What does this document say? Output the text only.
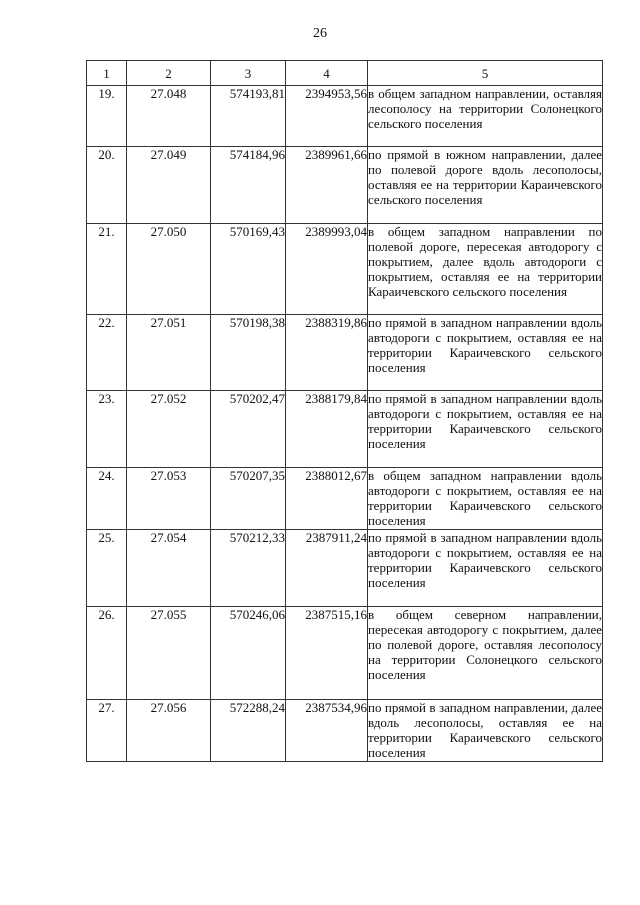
26
1	2	3	4	5
19.	27.048	574193,81	2394953,56	в общем западном направлении, оставляя лесополосу на территории Солонецкого сельского поселения
20.	27.049	574184,96	2389961,66	по прямой в южном направлении, далее по полевой дороге вдоль лесополосы, оставляя ее на территории Караичевского сельского поселения
21.	27.050	570169,43	2389993,04	в общем западном направлении по полевой дороге, пересекая автодорогу с покрытием, далее вдоль автодороги с покрытием, оставляя ее на территории Караичевского сельского поселения
22.	27.051	570198,38	2388319,86	по прямой в западном направлении вдоль автодороги с покрытием, оставляя ее на территории Караичевского сельского поселения
23.	27.052	570202,47	2388179,84	по прямой в западном направлении вдоль автодороги с покрытием, оставляя ее на территории Караичевского сельского поселения
24.	27.053	570207,35	2388012,67	в общем западном направлении вдоль автодороги с покрытием, оставляя ее на территории Караичевского сельского поселения
25.	27.054	570212,33	2387911,24	по прямой в западном направлении вдоль автодороги с покрытием, оставляя ее на территории Караичевского сельского поселения
26.	27.055	570246,06	2387515,16	в общем северном направлении, пересекая автодорогу с покрытием, далее по полевой дороге, оставляя лесополосу на территории Солонецкого сельского поселения
27.	27.056	572288,24	2387534,96	по прямой в западном направлении, далее вдоль лесополосы, оставляя ее на территории Караичевского сельского поселения
